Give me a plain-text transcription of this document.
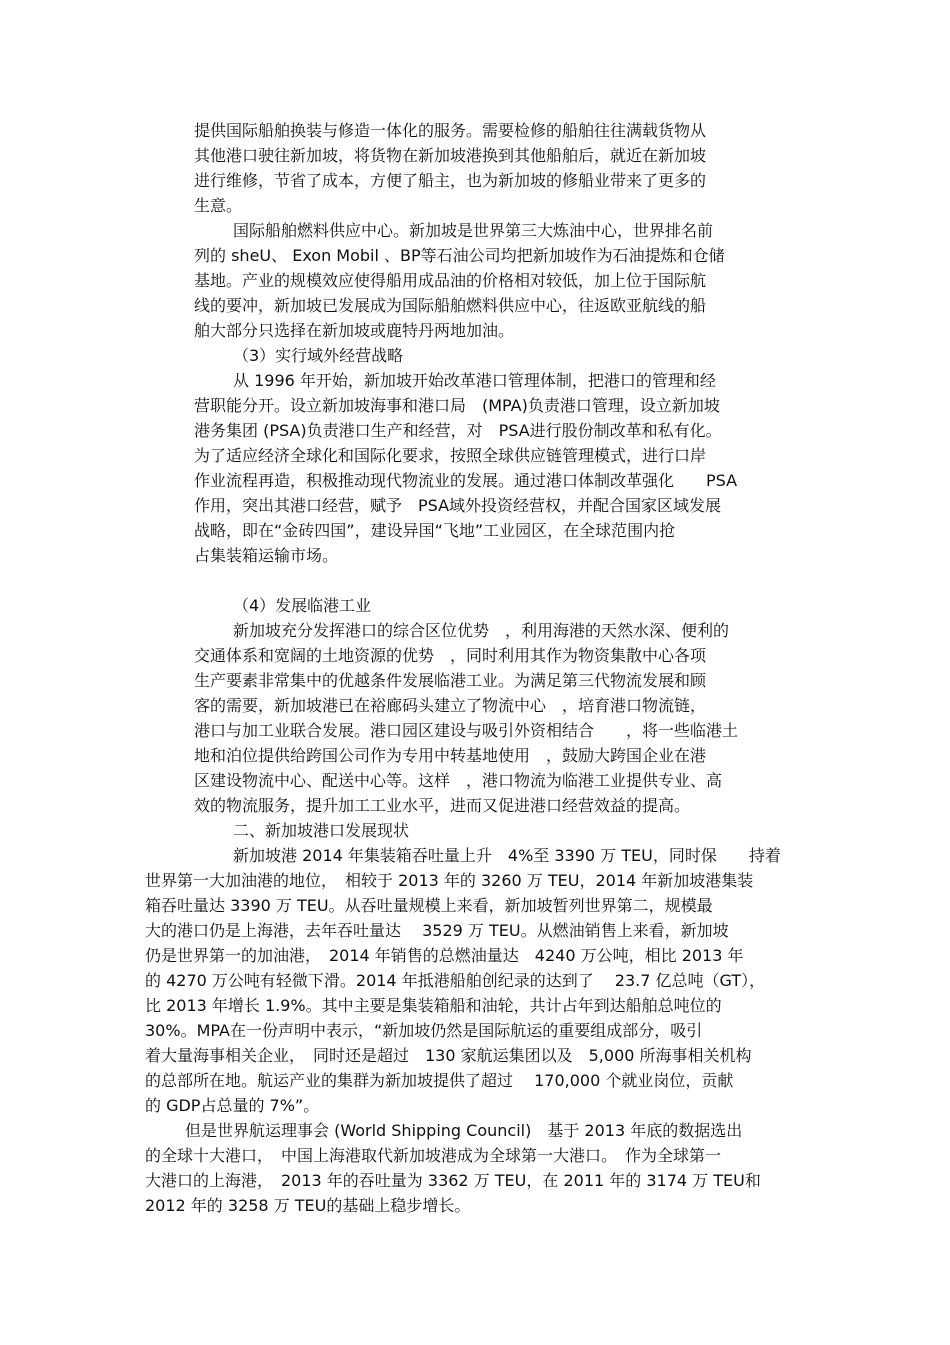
提供国际船舶换装与修造一体化的服务。需要检修的船舶往往满载货物从
其他港口驶往新加坡，将货物在新加坡港换到其他船舶后，就近在新加坡
进行维修，节省了成本，方便了船主，也为新加坡的修船业带来了更多的
生意。
国际船舶燃料供应中心。新加坡是世界第三大炼油中心，世界排名前
列的 sheU、 Exon Mobil 、BP等石油公司均把新加坡作为石油提炼和仓储
基地。产业的规模效应使得船用成品油的价格相对较低，加上位于国际航
线的要冲，新加坡已发展成为国际船舶燃料供应中心，往返欧亚航线的船
舶大部分只选择在新加坡或鹿特丹两地加油。
（3）实行域外经营战略
从 1996 年开始，新加坡开始改革港口管理体制，把港口的管理和经
营职能分开。设立新加坡海事和港口局　(MPA)负责港口管理，设立新加坡
港务集团 (PSA)负责港口生产和经营，对　PSA进行股份制改革和私有化。
为了适应经济全球化和国际化要求，按照全球供应链管理模式，进行口岸
作业流程再造，积极推动现代物流业的发展。通过港口体制改革强化　　PSA
作用，突出其港口经营，赋予　PSA域外投资经营权，并配合国家区域发展
战略，即在“金砖四国”，建设异国“飞地”工业园区，在全球范围内抢
占集装箱运输市场。
（4）发展临港工业
新加坡充分发挥港口的综合区位优势　，利用海港的天然水深、便利的
交通体系和宽阔的土地资源的优势　，同时利用其作为物资集散中心各项
生产要素非常集中的优越条件发展临港工业。为满足第三代物流发展和顾
客的需要，新加坡港已在裕廊码头建立了物流中心　，培育港口物流链，
港口与加工业联合发展。港口园区建设与吸引外资相结合　　，将一些临港土
地和泊位提供给跨国公司作为专用中转基地使用　，鼓励大跨国企业在港
区建设物流中心、配送中心等。这样　，港口物流为临港工业提供专业、高
效的物流服务，提升加工工业水平，进而又促进港口经营效益的提高。
二、新加坡港口发展现状
新加坡港 2014 年集装箱吞吐量上升　4%至 3390 万 TEU，同时保　　持着
世界第一大加油港的地位，　相较于 2013 年的 3260 万 TEU，2014 年新加坡港集装
箱吞吐量达 3390 万 TEU。从吞吐量规模上来看，新加坡暂列世界第二，规模最
大的港口仍是上海港，去年吞吐量达　 3529 万 TEU。从燃油销售上来看，新加坡
仍是世界第一的加油港，　2014 年销售的总燃油量达　4240 万公吨，相比 2013 年
的 4270 万公吨有轻微下滑。2014 年抵港船舶创纪录的达到了　 23.7 亿总吨（GT），
比 2013 年增长 1.9%。其中主要是集装箱船和油轮，共计占年到达船舶总吨位的
30%。MPA在一份声明中表示，“新加坡仍然是国际航运的重要组成部分，吸引
着大量海事相关企业，　同时还是超过　130 家航运集团以及　5,000 所海事相关机构
的总部所在地。航运产业的集群为新加坡提供了超过　 170,000 个就业岗位，贡献
的 GDP占总量的 7%”。
但是世界航运理事会 (World Shipping Council)　基于 2013 年底的数据选出
的全球十大港口，　中国上海港取代新加坡港成为全球第一大港口。　作为全球第一
大港口的上海港，　2013 年的吞吐量为 3362 万 TEU，在 2011 年的 3174 万 TEU和
2012 年的 3258 万 TEU的基础上稳步增长。
